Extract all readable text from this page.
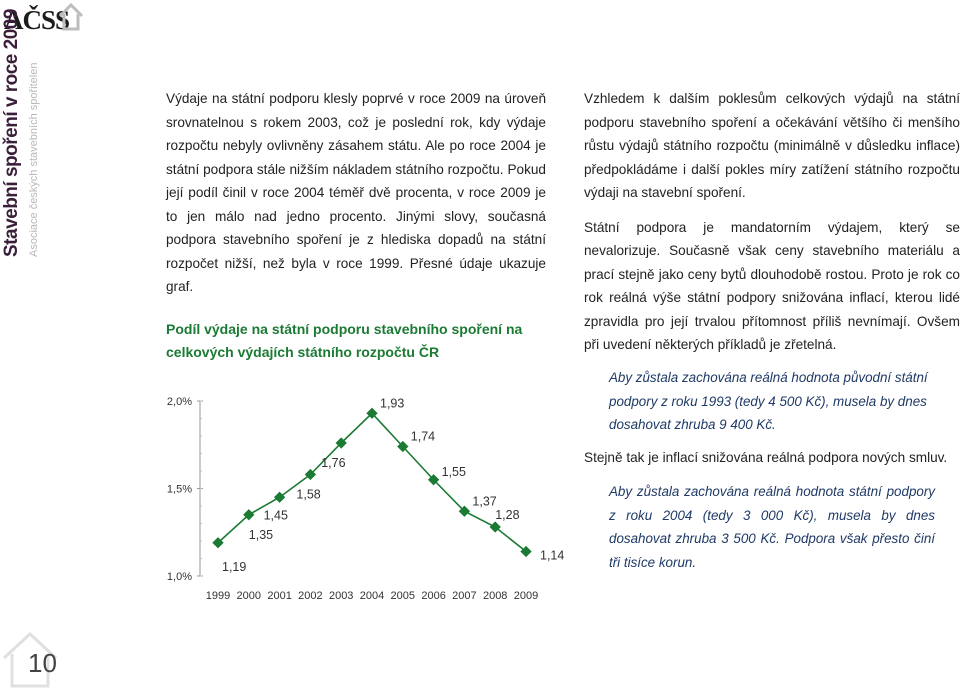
AČSS
Stavební spoření v roce 2009 Asociace českých stavebních spořitelen	Výdaje na státní podporu klesly poprvé v roce 2009 na úroveň srovnatelnou s rokem 2003, což je poslední rok, kdy výdaje rozpočtu nebyly ovlivněny zásahem státu. Ale po roce 2004 je státní podpora stále nižším nákladem státního rozpočtu. Pokud její podíl činil v roce 2004 téměř dvě procenta, v roce 2009 je to jen málo nad jedno procento. Jinými slovy, současná podpora stavebního spoření je z hlediska dopadů na státní rozpočet nižší, než byla v roce 1999. Přesné údaje ukazuje graf.

Podíl výdaje na státní podporu stavebního spoření na celkových výdajích státního rozpočtu ČR
1,0%
1,5%
2,0%
1,19
1,35
1,45
1,58
1,76
1,93
1,74
1,55
1,37
1,28
1,14
1999 2000 2001 2002 2003 2004 2005 2006 2007 2008 2009

Vzhledem k dalším poklesům celkových výdajů na státní podporu stavebního spoření a očekávání většího či menšího růstu výdajů státního rozpočtu (minimálně v důsledku inflace) předpokládáme i další pokles míry zatížení státního rozpočtu výdaji na stavební spoření.

Státní podpora je mandatorním výdajem, který se nevalorizuje. Současně však ceny stavebního materiálu a prací stejně jako ceny bytů dlouhodobě rostou. Proto je rok co rok reálná výše státní podpory snižována inflací, kterou lidé zpravidla pro její trvalou přítomnost příliš nevnímají. Ovšem při uvedení některých příkladů je zřetelná.

Aby zůstala zachována reálná hodnota původní státní podpory z roku 1993 (tedy 4 500 Kč), musela by dnes dosahovat zhruba 9 400 Kč.
Stejně tak je inflací snižována reálná podpora nových smluv.
Aby zůstala zachována reálná hodnota státní podpory z roku 2004 (tedy 3 000 Kč), musela by dnes dosahovat zhruba 3 500 Kč. Podpora však přesto činí tři tisíce korun.
10
